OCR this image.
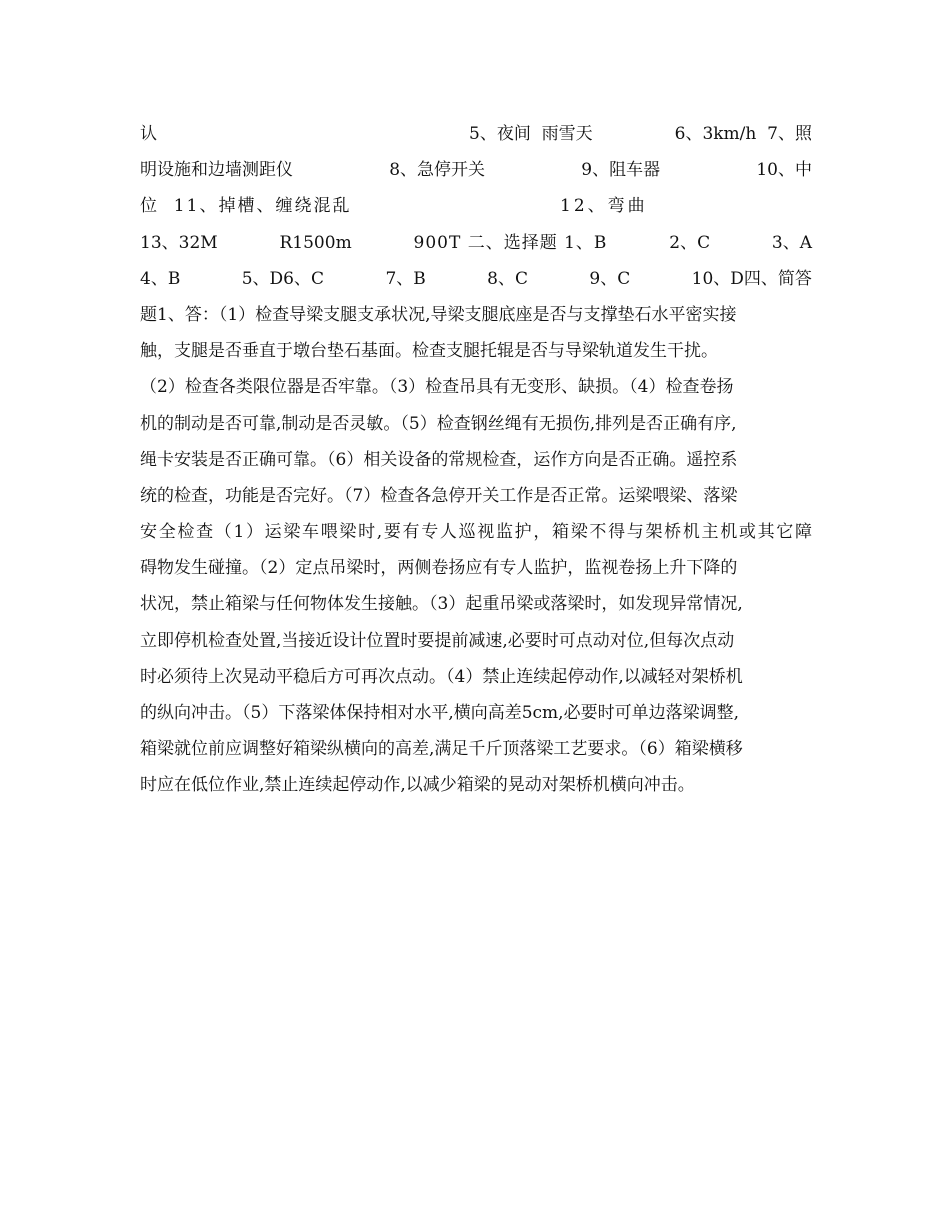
认	5、夜间  雨雪天	6、3km/h  7、照
明设施和边墙测距仪	8、急停开关	9、阻车器	10、中
位  11、掉槽、缠绕混乱	12、弯曲
13、32M	R1500m	900T 二、选择题 1、B	2、C	3、A
4、B	5、D6、C	7、B	8、C	9、C	10、D四、简答
题1、答：（1）检查导梁支腿支承状况,导梁支腿底座是否与支撑垫石水平密实接
触，支腿是否垂直于墩台垫石基面。检查支腿托辊是否与导梁轨道发生干扰。
（2）检查各类限位器是否牢靠。（3）检查吊具有无变形、缺损。（4）检查卷扬
机的制动是否可靠,制动是否灵敏。（5）检查钢丝绳有无损伤,排列是否正确有序,
绳卡安装是否正确可靠。（6）相关设备的常规检查，运作方向是否正确。遥控系
统的检查，功能是否完好。（7）检查各急停开关工作是否正常。运梁喂梁、落梁
安全检查（1）运梁车喂梁时,要有专人巡视监护，箱梁不得与架桥机主机或其它障
碍物发生碰撞。（2）定点吊梁时，两侧卷扬应有专人监护，监视卷扬上升下降的
状况，禁止箱梁与任何物体发生接触。（3）起重吊梁或落梁时，如发现异常情况,
立即停机检查处置,当接近设计位置时要提前减速,必要时可点动对位,但每次点动
时必须待上次晃动平稳后方可再次点动。（4）禁止连续起停动作,以减轻对架桥机
的纵向冲击。（5）下落梁体保持相对水平,横向高差5cm,必要时可单边落梁调整,
箱梁就位前应调整好箱梁纵横向的高差,满足千斤顶落梁工艺要求。（6）箱梁横移
时应在低位作业,禁止连续起停动作,以减少箱梁的晃动对架桥机横向冲击。
